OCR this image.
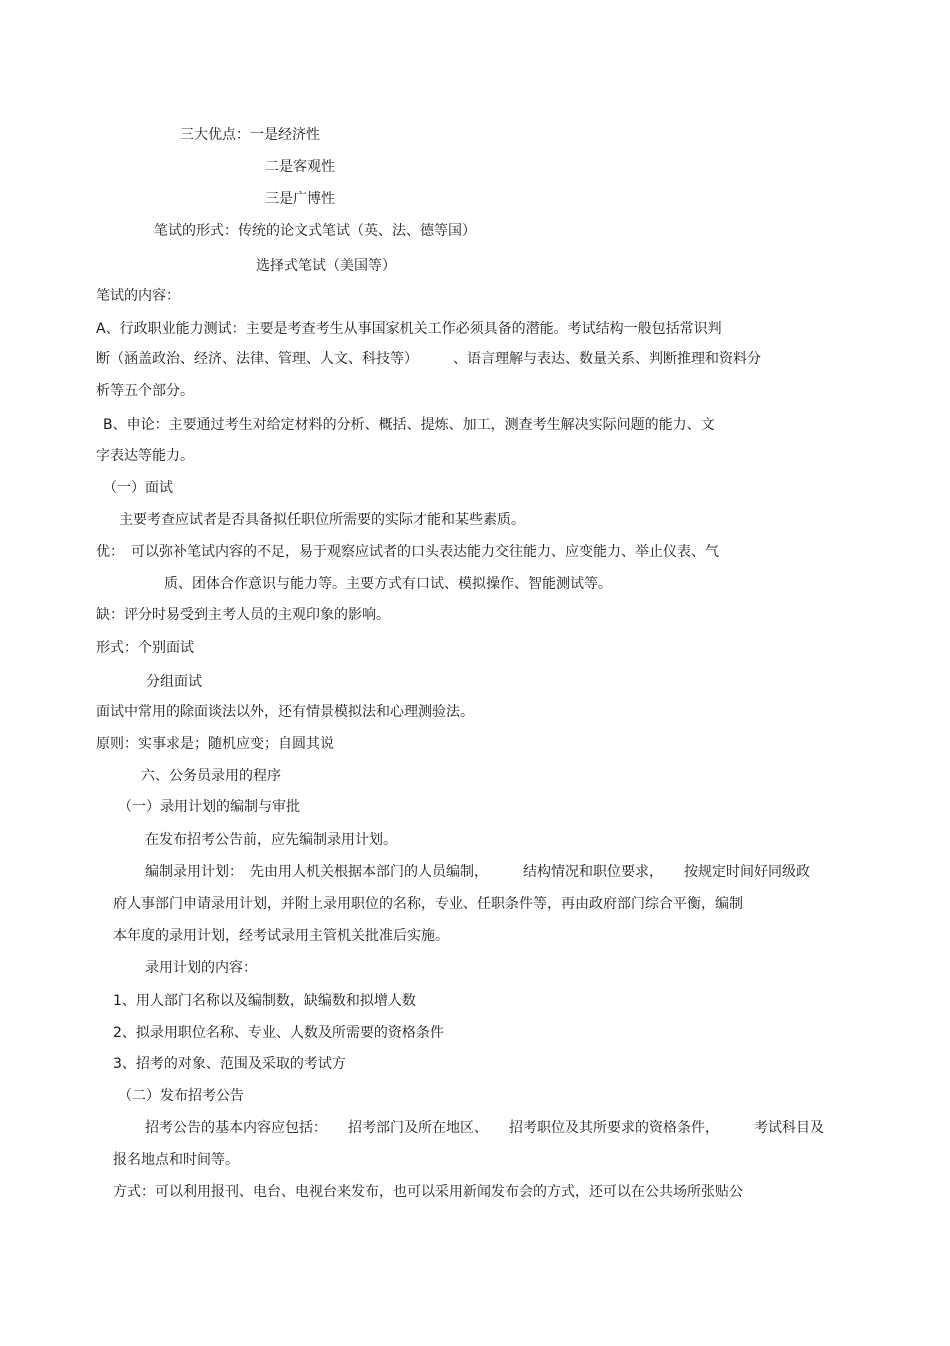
三大优点：一是经济性
二是客观性
三是广博性
笔试的形式：传统的论文式笔试（英、法、德等国）
选择式笔试（美国等）
笔试的内容：
A、行政职业能力测试：主要是考查考生从事国家机关工作必须具备的潜能。考试结构一般包括常识判
断（涵盖政治、经济、法律、管理、人文、科技等）　　　、语言理解与表达、数量关系、判断推理和资料分
析等五个部分。
B、申论：主要通过考生对给定材料的分析、概括、提炼、加工，测查考生解决实际问题的能力、文
字表达等能力。
（一）面试
主要考查应试者是否具备拟任职位所需要的实际才能和某些素质。
优：　可以弥补笔试内容的不足，易于观察应试者的口头表达能力交往能力、应变能力、举止仪表、气
质、团体合作意识与能力等。主要方式有口试、模拟操作、智能测试等。
缺：评分时易受到主考人员的主观印象的影响。
形式：个别面试
分组面试
面试中常用的除面谈法以外，还有情景模拟法和心理测验法。
原则：实事求是；随机应变；自圆其说
六、公务员录用的程序
（一）录用计划的编制与审批
在发布招考公告前，应先编制录用计划。
编制录用计划：　先由用人机关根据本部门的人员编制，　　　结构情况和职位要求，　　按规定时间好同级政
府人事部门申请录用计划，并附上录用职位的名称，专业、任职条件等，再由政府部门综合平衡，编制
本年度的录用计划，经考试录用主管机关批准后实施。
录用计划的内容：
1、用人部门名称以及编制数，缺编数和拟增人数
2、拟录用职位名称、专业、人数及所需要的资格条件
3、招考的对象、范围及采取的考试方
（二）发布招考公告
招考公告的基本内容应包括：　　招考部门及所在地区、　　招考职位及其所要求的资格条件，　　　考试科目及
报名地点和时间等。
方式：可以利用报刊、电台、电视台来发布，也可以采用新闻发布会的方式，还可以在公共场所张贴公
